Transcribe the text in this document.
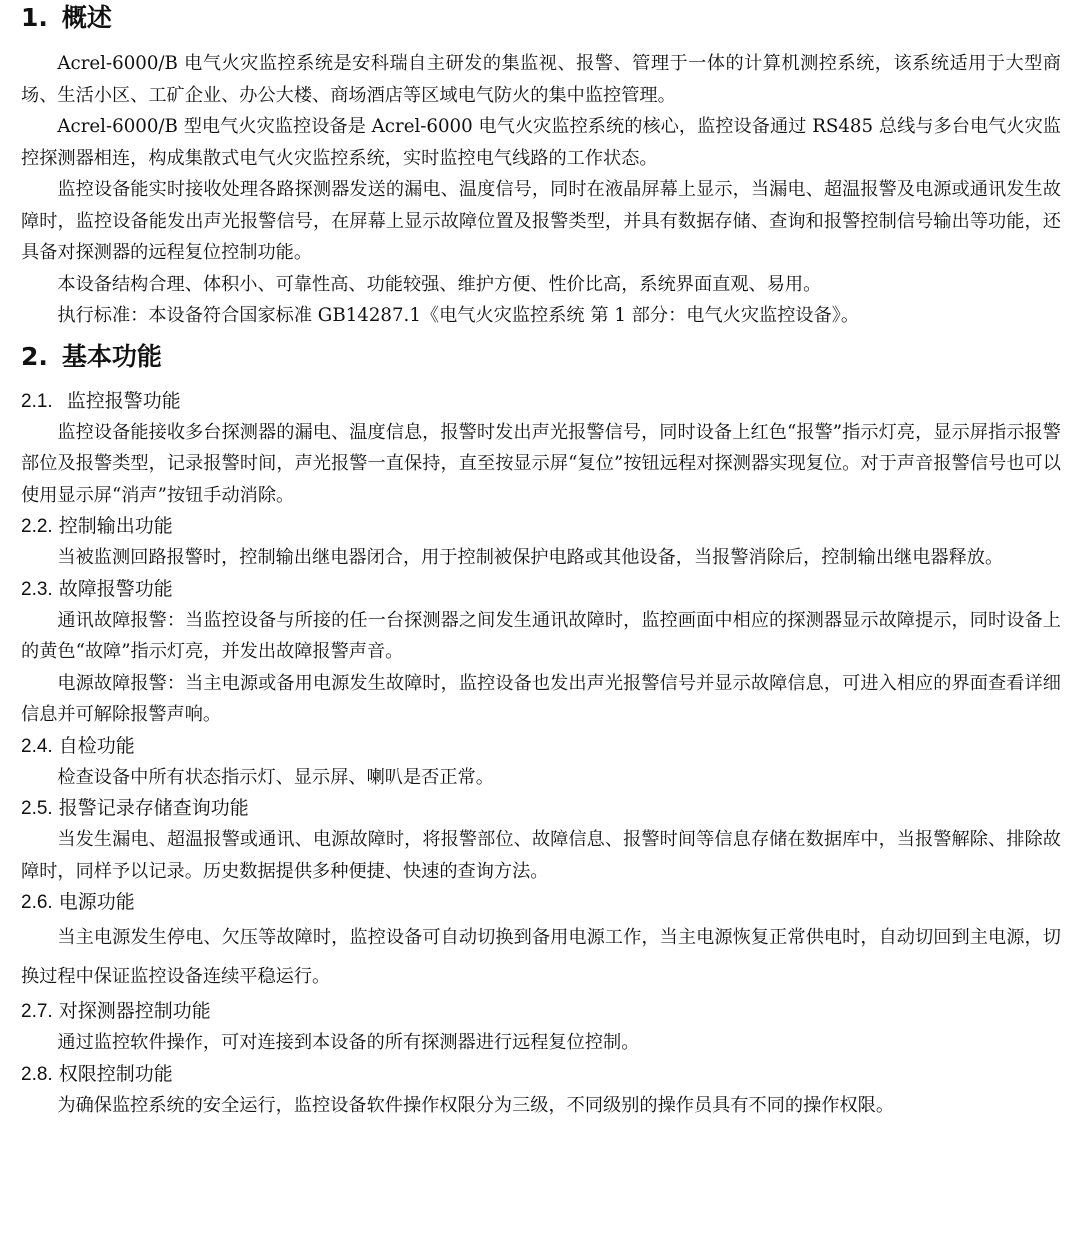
1. 概述

Acrel-6000/B 电气火灾监控系统是安科瑞自主研发的集监视、报警、管理于一体的计算机测控系统，该系统适用于大型商场、生活小区、工矿企业、办公大楼、商场酒店等区域电气防火的集中监控管理。

Acrel-6000/B 型电气火灾监控设备是 Acrel-6000 电气火灾监控系统的核心，监控设备通过 RS485 总线与多台电气火灾监控探测器相连，构成集散式电气火灾监控系统，实时监控电气线路的工作状态。

监控设备能实时接收处理各路探测器发送的漏电、温度信号，同时在液晶屏幕上显示，当漏电、超温报警及电源或通讯发生故障时，监控设备能发出声光报警信号，在屏幕上显示故障位置及报警类型，并具有数据存储、查询和报警控制信号输出等功能，还具备对探测器的远程复位控制功能。

本设备结构合理、体积小、可靠性高、功能较强、维护方便、性价比高，系统界面直观、易用。

执行标准：本设备符合国家标准 GB14287.1《电气火灾监控系统 第 1 部分：电气火灾监控设备》。

2. 基本功能
2.1. 监控报警功能

监控设备能接收多台探测器的漏电、温度信息，报警时发出声光报警信号，同时设备上红色“报警”指示灯亮，显示屏指示报警部位及报警类型，记录报警时间，声光报警一直保持，直至按显示屏“复位”按钮远程对探测器实现复位。对于声音报警信号也可以使用显示屏“消声”按钮手动消除。

2.2. 控制输出功能

当被监测回路报警时，控制输出继电器闭合，用于控制被保护电路或其他设备，当报警消除后，控制输出继电器释放。

2.3. 故障报警功能

通讯故障报警：当监控设备与所接的任一台探测器之间发生通讯故障时，监控画面中相应的探测器显示故障提示，同时设备上的黄色“故障”指示灯亮，并发出故障报警声音。

电源故障报警：当主电源或备用电源发生故障时，监控设备也发出声光报警信号并显示故障信息，可进入相应的界面查看详细信息并可解除报警声响。

2.4. 自检功能

检查设备中所有状态指示灯、显示屏、喇叭是否正常。

2.5. 报警记录存储查询功能

当发生漏电、超温报警或通讯、电源故障时，将报警部位、故障信息、报警时间等信息存储在数据库中，当报警解除、排除故障时，同样予以记录。历史数据提供多种便捷、快速的查询方法。

2.6. 电源功能

当主电源发生停电、欠压等故障时，监控设备可自动切换到备用电源工作，当主电源恢复正常供电时，自动切回到主电源，切换过程中保证监控设备连续平稳运行。

2.7. 对探测器控制功能

通过监控软件操作，可对连接到本设备的所有探测器进行远程复位控制。

2.8. 权限控制功能

为确保监控系统的安全运行，监控设备软件操作权限分为三级，不同级别的操作员具有不同的操作权限。
